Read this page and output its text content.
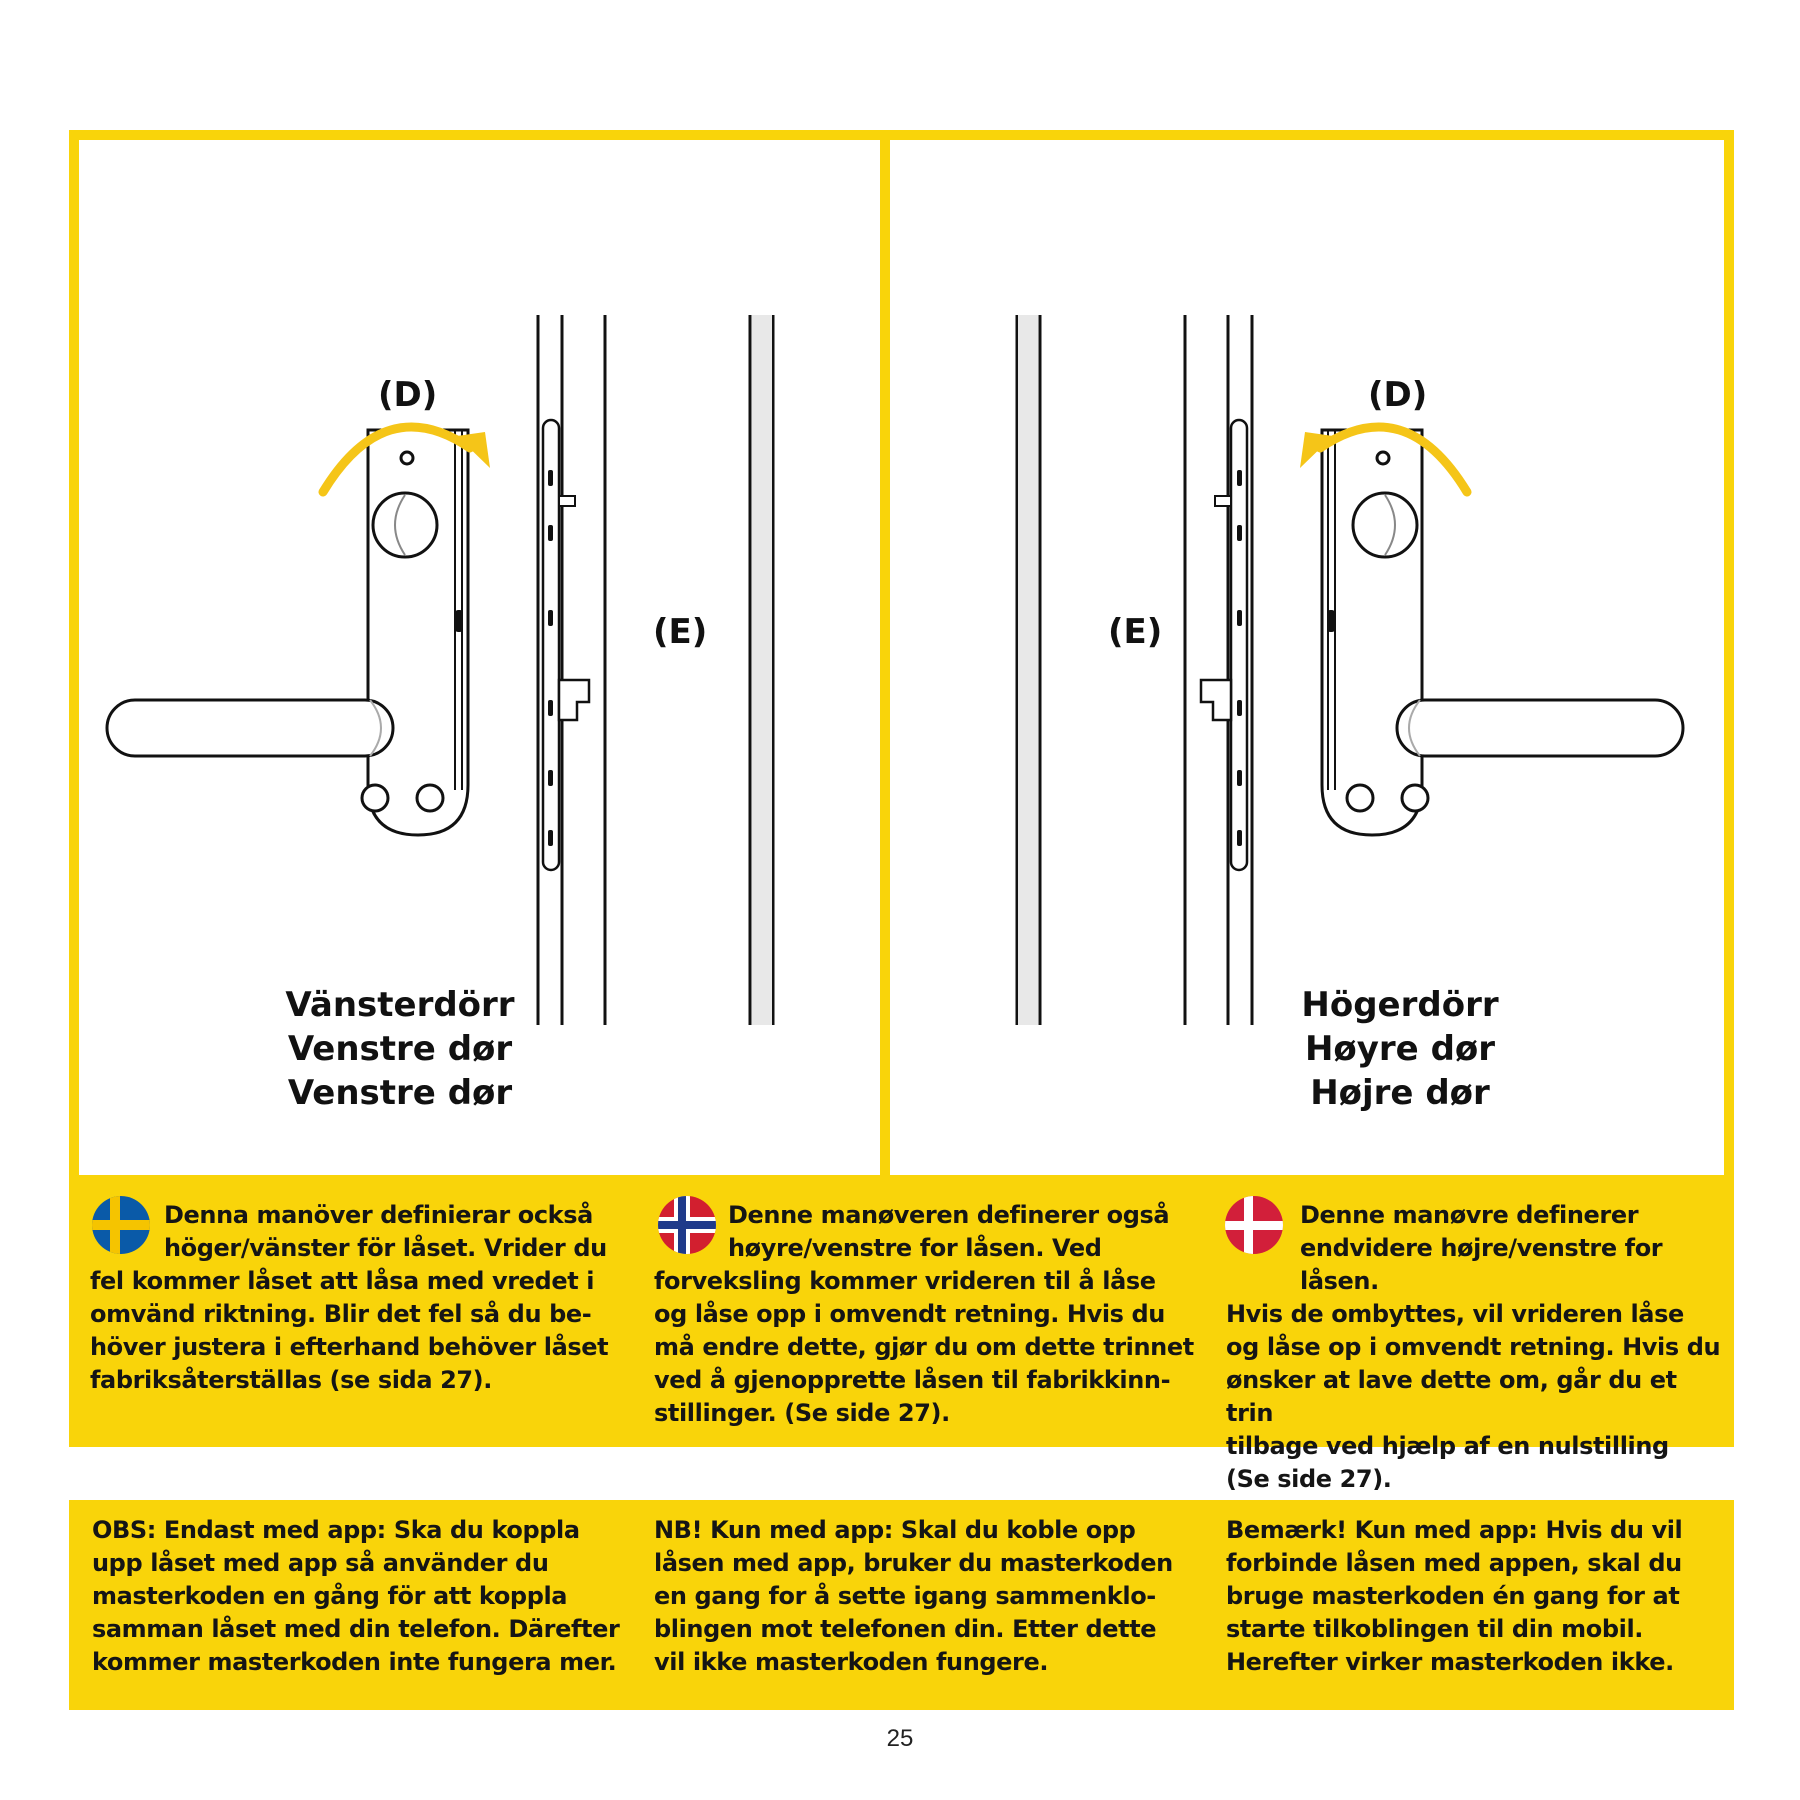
(D)
(E)
(D)
(E)
Vänsterdörr
Venstre dør
Venstre dør
Högerdörr
Høyre dør
Højre dør
Denna manöver definierar också
höger/vänster för låset. Vrider du
fel kommer låset att låsa med vredet i
omvänd riktning. Blir det fel så du be-
höver justera i efterhand behöver låset
fabriksåterställas (se sida 27).
Denne manøveren definerer også
høyre/venstre for låsen. Ved
forveksling kommer vrideren til å låse
og låse opp i omvendt retning. Hvis du
må endre dette, gjør du om dette trinnet
ved å gjenopprette låsen til fabrikkinn-
stillinger. (Se side 27).
Denne manøvre definerer
endvidere højre/venstre for låsen.
Hvis de ombyttes, vil vrideren låse
og låse op i omvendt retning. Hvis du
ønsker at lave dette om, går du et trin
tilbage ved hjælp af en nulstilling
(Se side 27).
OBS: Endast med app: Ska du koppla
upp låset med app så använder du
masterkoden en gång för att koppla
samman låset med din telefon. Därefter
kommer masterkoden inte fungera mer.
NB! Kun med app: Skal du koble opp
låsen med app, bruker du masterkoden
en gang for å sette igang sammenklo-
blingen mot telefonen din. Etter dette
vil ikke masterkoden fungere.
Bemærk! Kun med app: Hvis du vil
forbinde låsen med appen, skal du
bruge masterkoden én gang for at
starte tilkoblingen til din mobil.
Herefter virker masterkoden ikke.
25
